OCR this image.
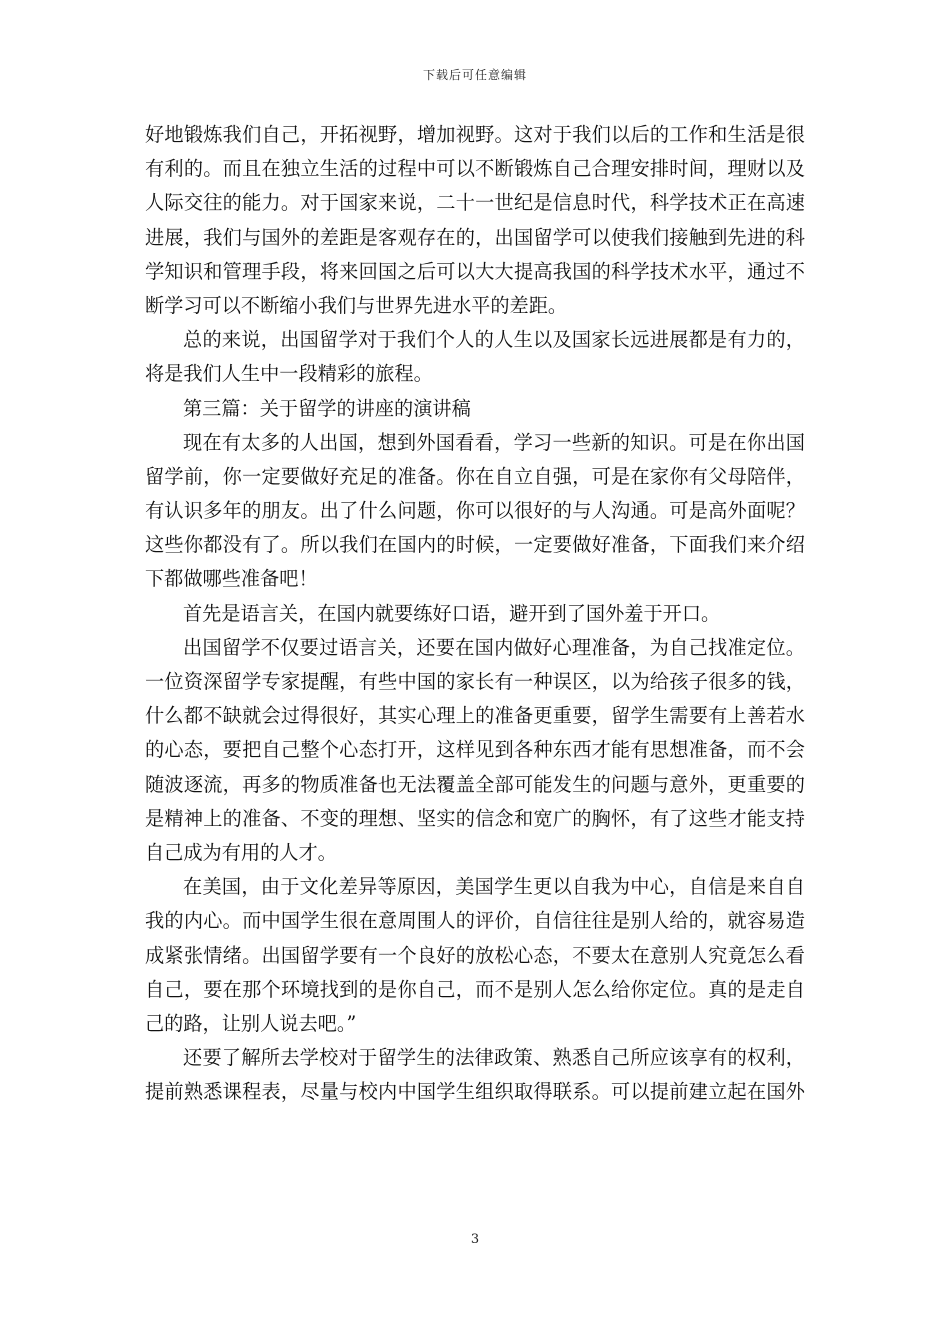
下载后可任意编辑
好地锻炼我们自己，开拓视野，增加视野。这对于我们以后的工作和生活是很
有利的。而且在独立生活的过程中可以不断锻炼自己合理安排时间，理财以及
人际交往的能力。对于国家来说，二十一世纪是信息时代，科学技术正在高速
进展，我们与国外的差距是客观存在的，出国留学可以使我们接触到先进的科
学知识和管理手段，将来回国之后可以大大提高我国的科学技术水平，通过不
断学习可以不断缩小我们与世界先进水平的差距。
总的来说，出国留学对于我们个人的人生以及国家长远进展都是有力的，
将是我们人生中一段精彩的旅程。
第三篇：关于留学的讲座的演讲稿
现在有太多的人出国，想到外国看看，学习一些新的知识。可是在你出国
留学前，你一定要做好充足的准备。你在自立自强，可是在家你有父母陪伴，
有认识多年的朋友。出了什么问题，你可以很好的与人沟通。可是高外面呢？
这些你都没有了。所以我们在国内的时候，一定要做好准备，下面我们来介绍
下都做哪些准备吧！
首先是语言关，在国内就要练好口语，避开到了国外羞于开口。
出国留学不仅要过语言关，还要在国内做好心理准备，为自己找准定位。
一位资深留学专家提醒，有些中国的家长有一种误区，以为给孩子很多的钱，
什么都不缺就会过得很好，其实心理上的准备更重要，留学生需要有上善若水
的心态，要把自己整个心态打开，这样见到各种东西才能有思想准备，而不会
随波逐流，再多的物质准备也无法覆盖全部可能发生的问题与意外，更重要的
是精神上的准备、不变的理想、坚实的信念和宽广的胸怀，有了这些才能支持
自己成为有用的人才。
在美国，由于文化差异等原因，美国学生更以自我为中心，自信是来自自
我的内心。而中国学生很在意周围人的评价，自信往往是别人给的，就容易造
成紧张情绪。出国留学要有一个良好的放松心态，不要太在意别人究竟怎么看
自己，要在那个环境找到的是你自己，而不是别人怎么给你定位。真的是走自
己的路，让别人说去吧。”
还要了解所去学校对于留学生的法律政策、熟悉自己所应该享有的权利，
提前熟悉课程表，尽量与校内中国学生组织取得联系。可以提前建立起在国外
3
